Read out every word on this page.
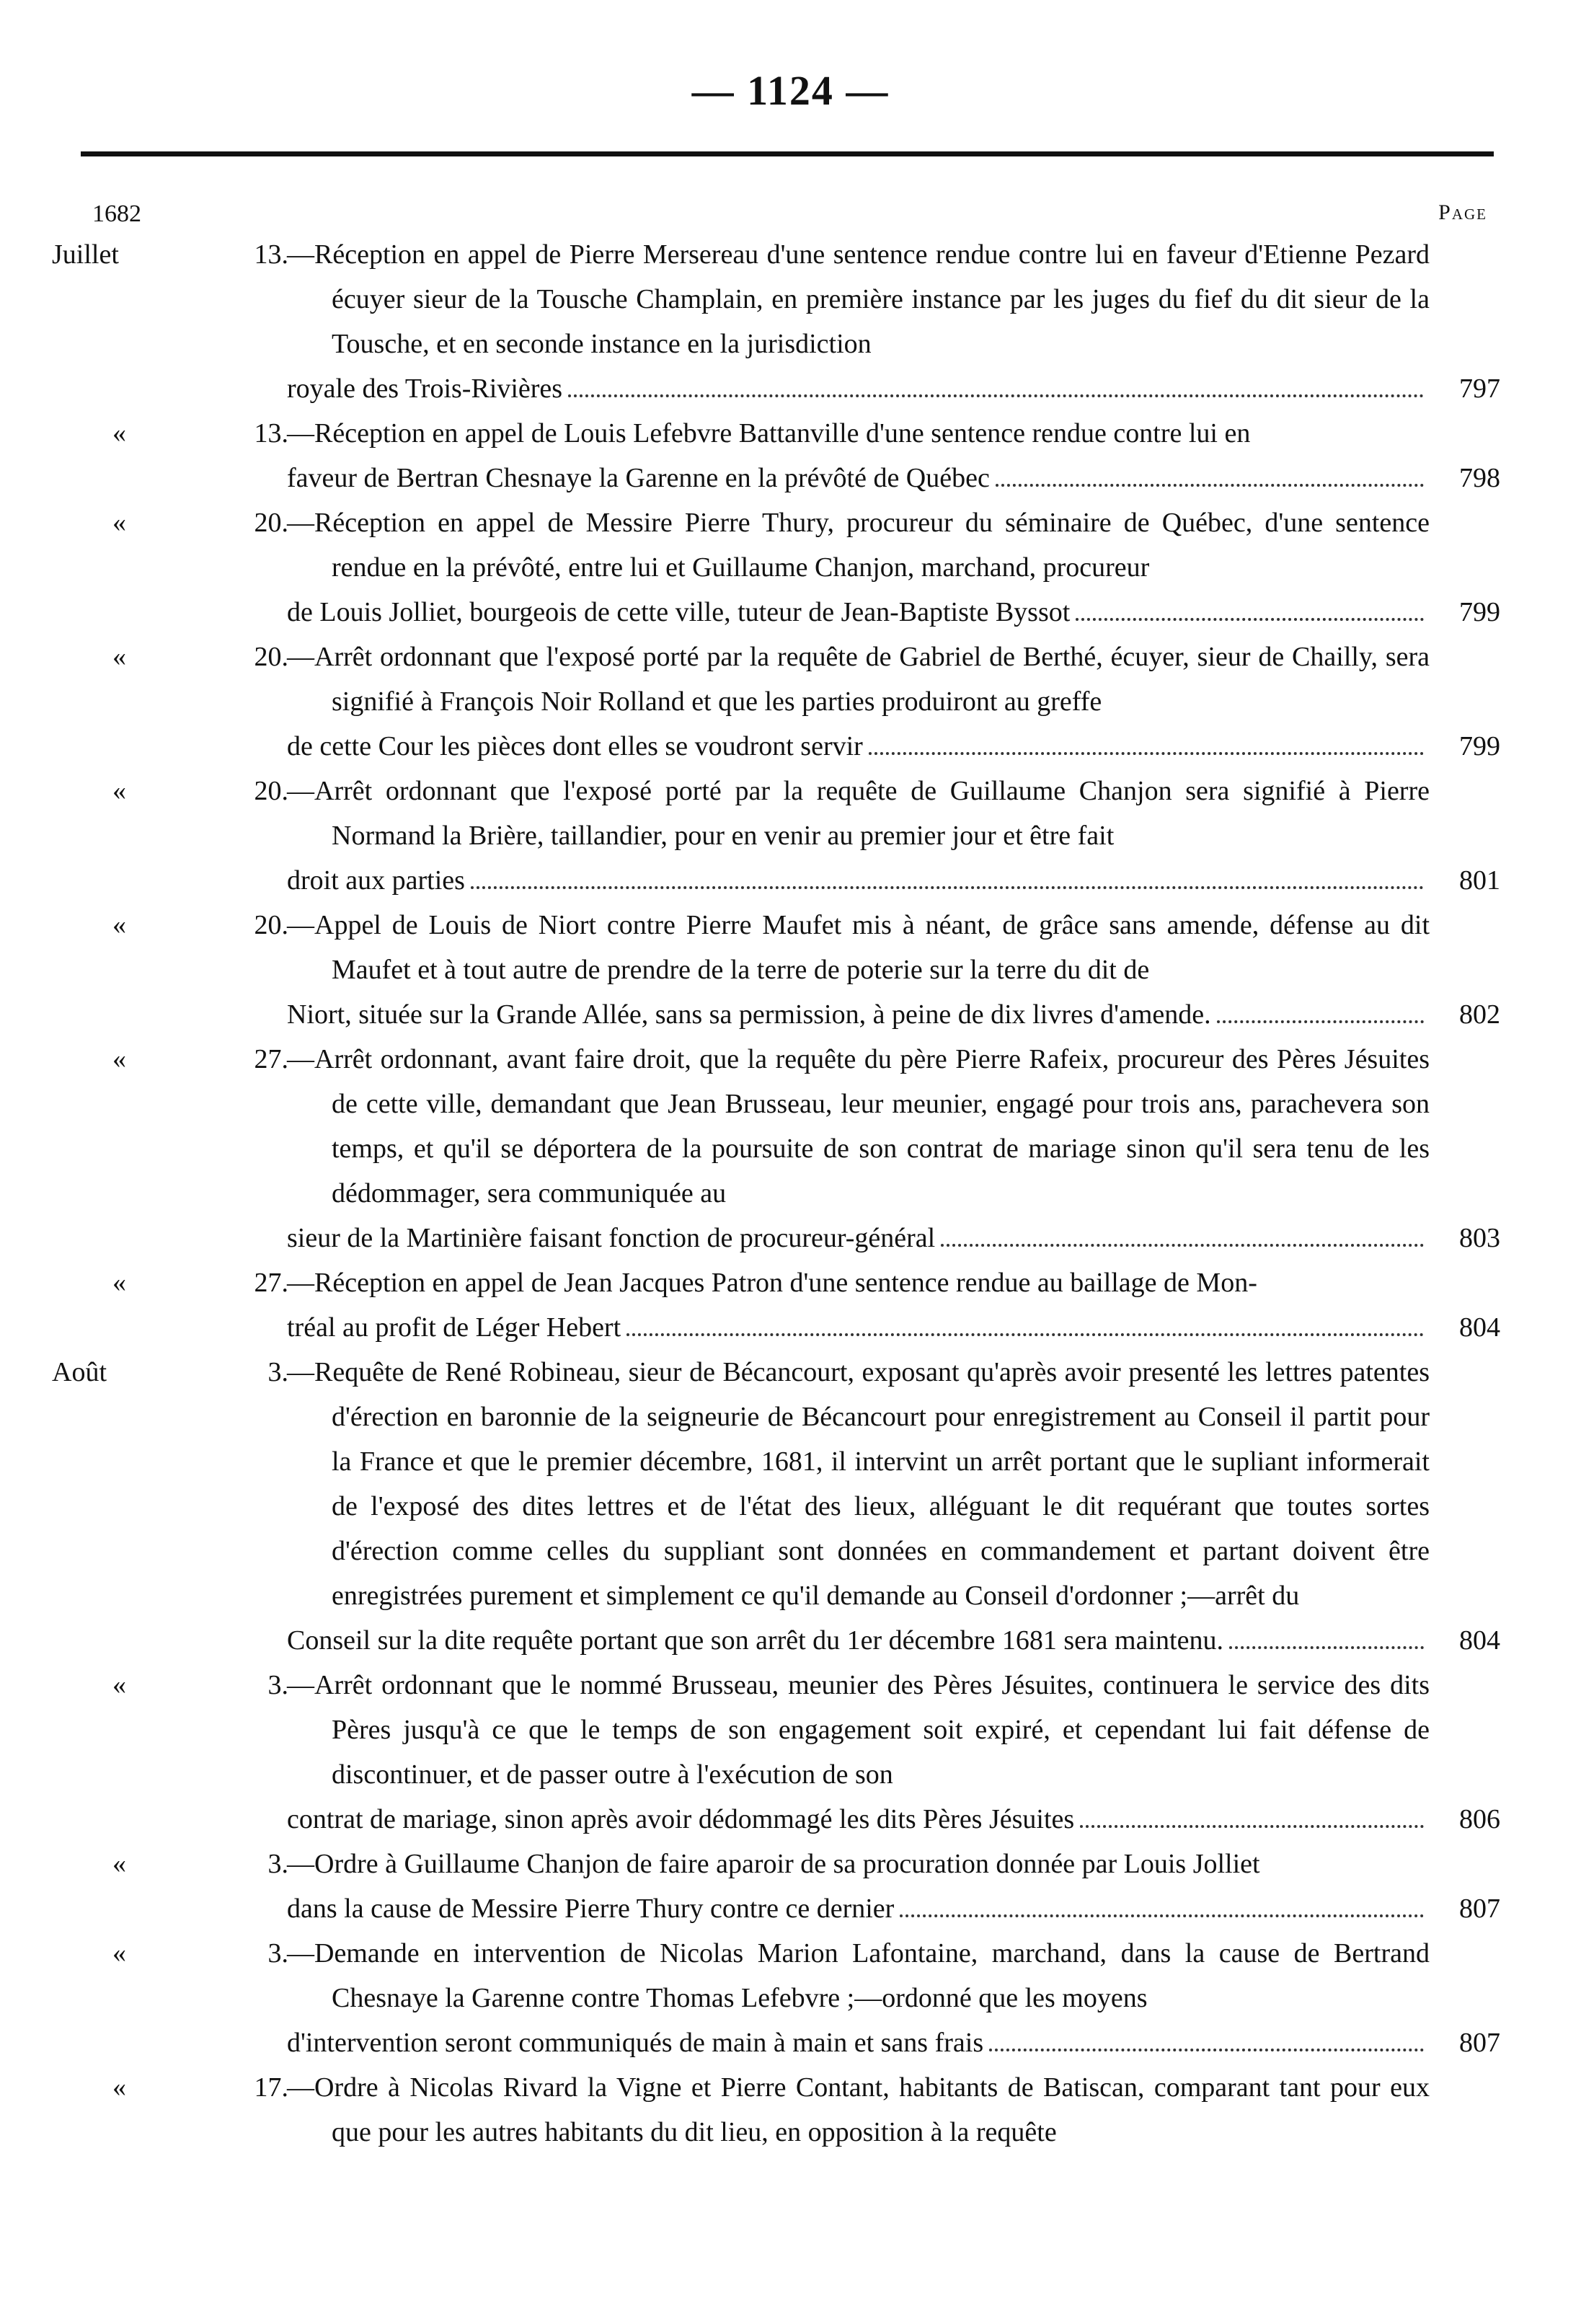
— 1124 —
1682	Page
Juillet	13.
—Réception en appel de Pierre Mersereau d'une sentence rendue contre lui en faveur d'Etienne Pezard écuyer sieur de la Tousche Champlain, en première instance par les juges du fief du dit sieur de la Tousche, et en seconde instance en la jurisdiction
royale des Trois-Rivières	797
«	13.
—Réception en appel de Louis Lefebvre Battanville d'une sentence rendue contre lui en
faveur de Bertran Chesnaye la Garenne en la prévôté de Québec	798
«	20.
—Réception en appel de Messire Pierre Thury, procureur du séminaire de Québec, d'une sentence rendue en la prévôté, entre lui et Guillaume Chanjon, marchand, procureur
de Louis Jolliet, bourgeois de cette ville, tuteur de Jean-Baptiste Byssot	799
«	20.
—Arrêt ordonnant que l'exposé porté par la requête de Gabriel de Berthé, écuyer, sieur de Chailly, sera signifié à François Noir Rolland et que les parties produiront au greffe
de cette Cour les pièces dont elles se voudront servir	799
«	20.
—Arrêt ordonnant que l'exposé porté par la requête de Guillaume Chanjon sera signifié à Pierre Normand la Brière, taillandier, pour en venir au premier jour et être fait
droit aux parties	801
«	20.
—Appel de Louis de Niort contre Pierre Maufet mis à néant, de grâce sans amende, défense au dit Maufet et à tout autre de prendre de la terre de poterie sur la terre du dit de
Niort, située sur la Grande Allée, sans sa permission, à peine de dix livres d'amende.	802
«	27.
—Arrêt ordonnant, avant faire droit, que la requête du père Pierre Rafeix, procureur des Pères Jésuites de cette ville, demandant que Jean Brusseau, leur meunier, engagé pour trois ans, parachevera son temps, et qu'il se déportera de la poursuite de son contrat de mariage sinon qu'il sera tenu de les dédommager, sera communiquée au
sieur de la Martinière faisant fonction de procureur-général	803
«	27.
—Réception en appel de Jean Jacques Patron d'une sentence rendue au baillage de Mon-
tréal au profit de Léger Hebert	804
Août	3.
—Requête de René Robineau, sieur de Bécancourt, exposant qu'après avoir presenté les lettres patentes d'érection en baronnie de la seigneurie de Bécancourt pour enregistrement au Conseil il partit pour la France et que le premier décembre, 1681, il intervint un arrêt portant que le supliant informerait de l'exposé des dites lettres et de l'état des lieux, alléguant le dit requérant que toutes sortes d'érection comme celles du suppliant sont données en commandement et partant doivent être enregistrées purement et simplement ce qu'il demande au Conseil d'ordonner ;—arrêt du
Conseil sur la dite requête portant que son arrêt du 1er décembre 1681 sera maintenu.	804
«	3.
—Arrêt ordonnant que le nommé Brusseau, meunier des Pères Jésuites, continuera le service des dits Pères jusqu'à ce que le temps de son engagement soit expiré, et cependant lui fait défense de discontinuer, et de passer outre à l'exécution de son
contrat de mariage, sinon après avoir dédommagé les dits Pères Jésuites	806
«	3.
—Ordre à Guillaume Chanjon de faire aparoir de sa procuration donnée par Louis Jolliet
dans la cause de Messire Pierre Thury contre ce dernier	807
«	3.
—Demande en intervention de Nicolas Marion Lafontaine, marchand, dans la cause de Bertrand Chesnaye la Garenne contre Thomas Lefebvre ;—ordonné que les moyens
d'intervention seront communiqués de main à main et sans frais	807
«	17.
—Ordre à Nicolas Rivard la Vigne et Pierre Contant, habitants de Batiscan, comparant tant pour eux que pour les autres habitants du dit lieu, en opposition à la requête
